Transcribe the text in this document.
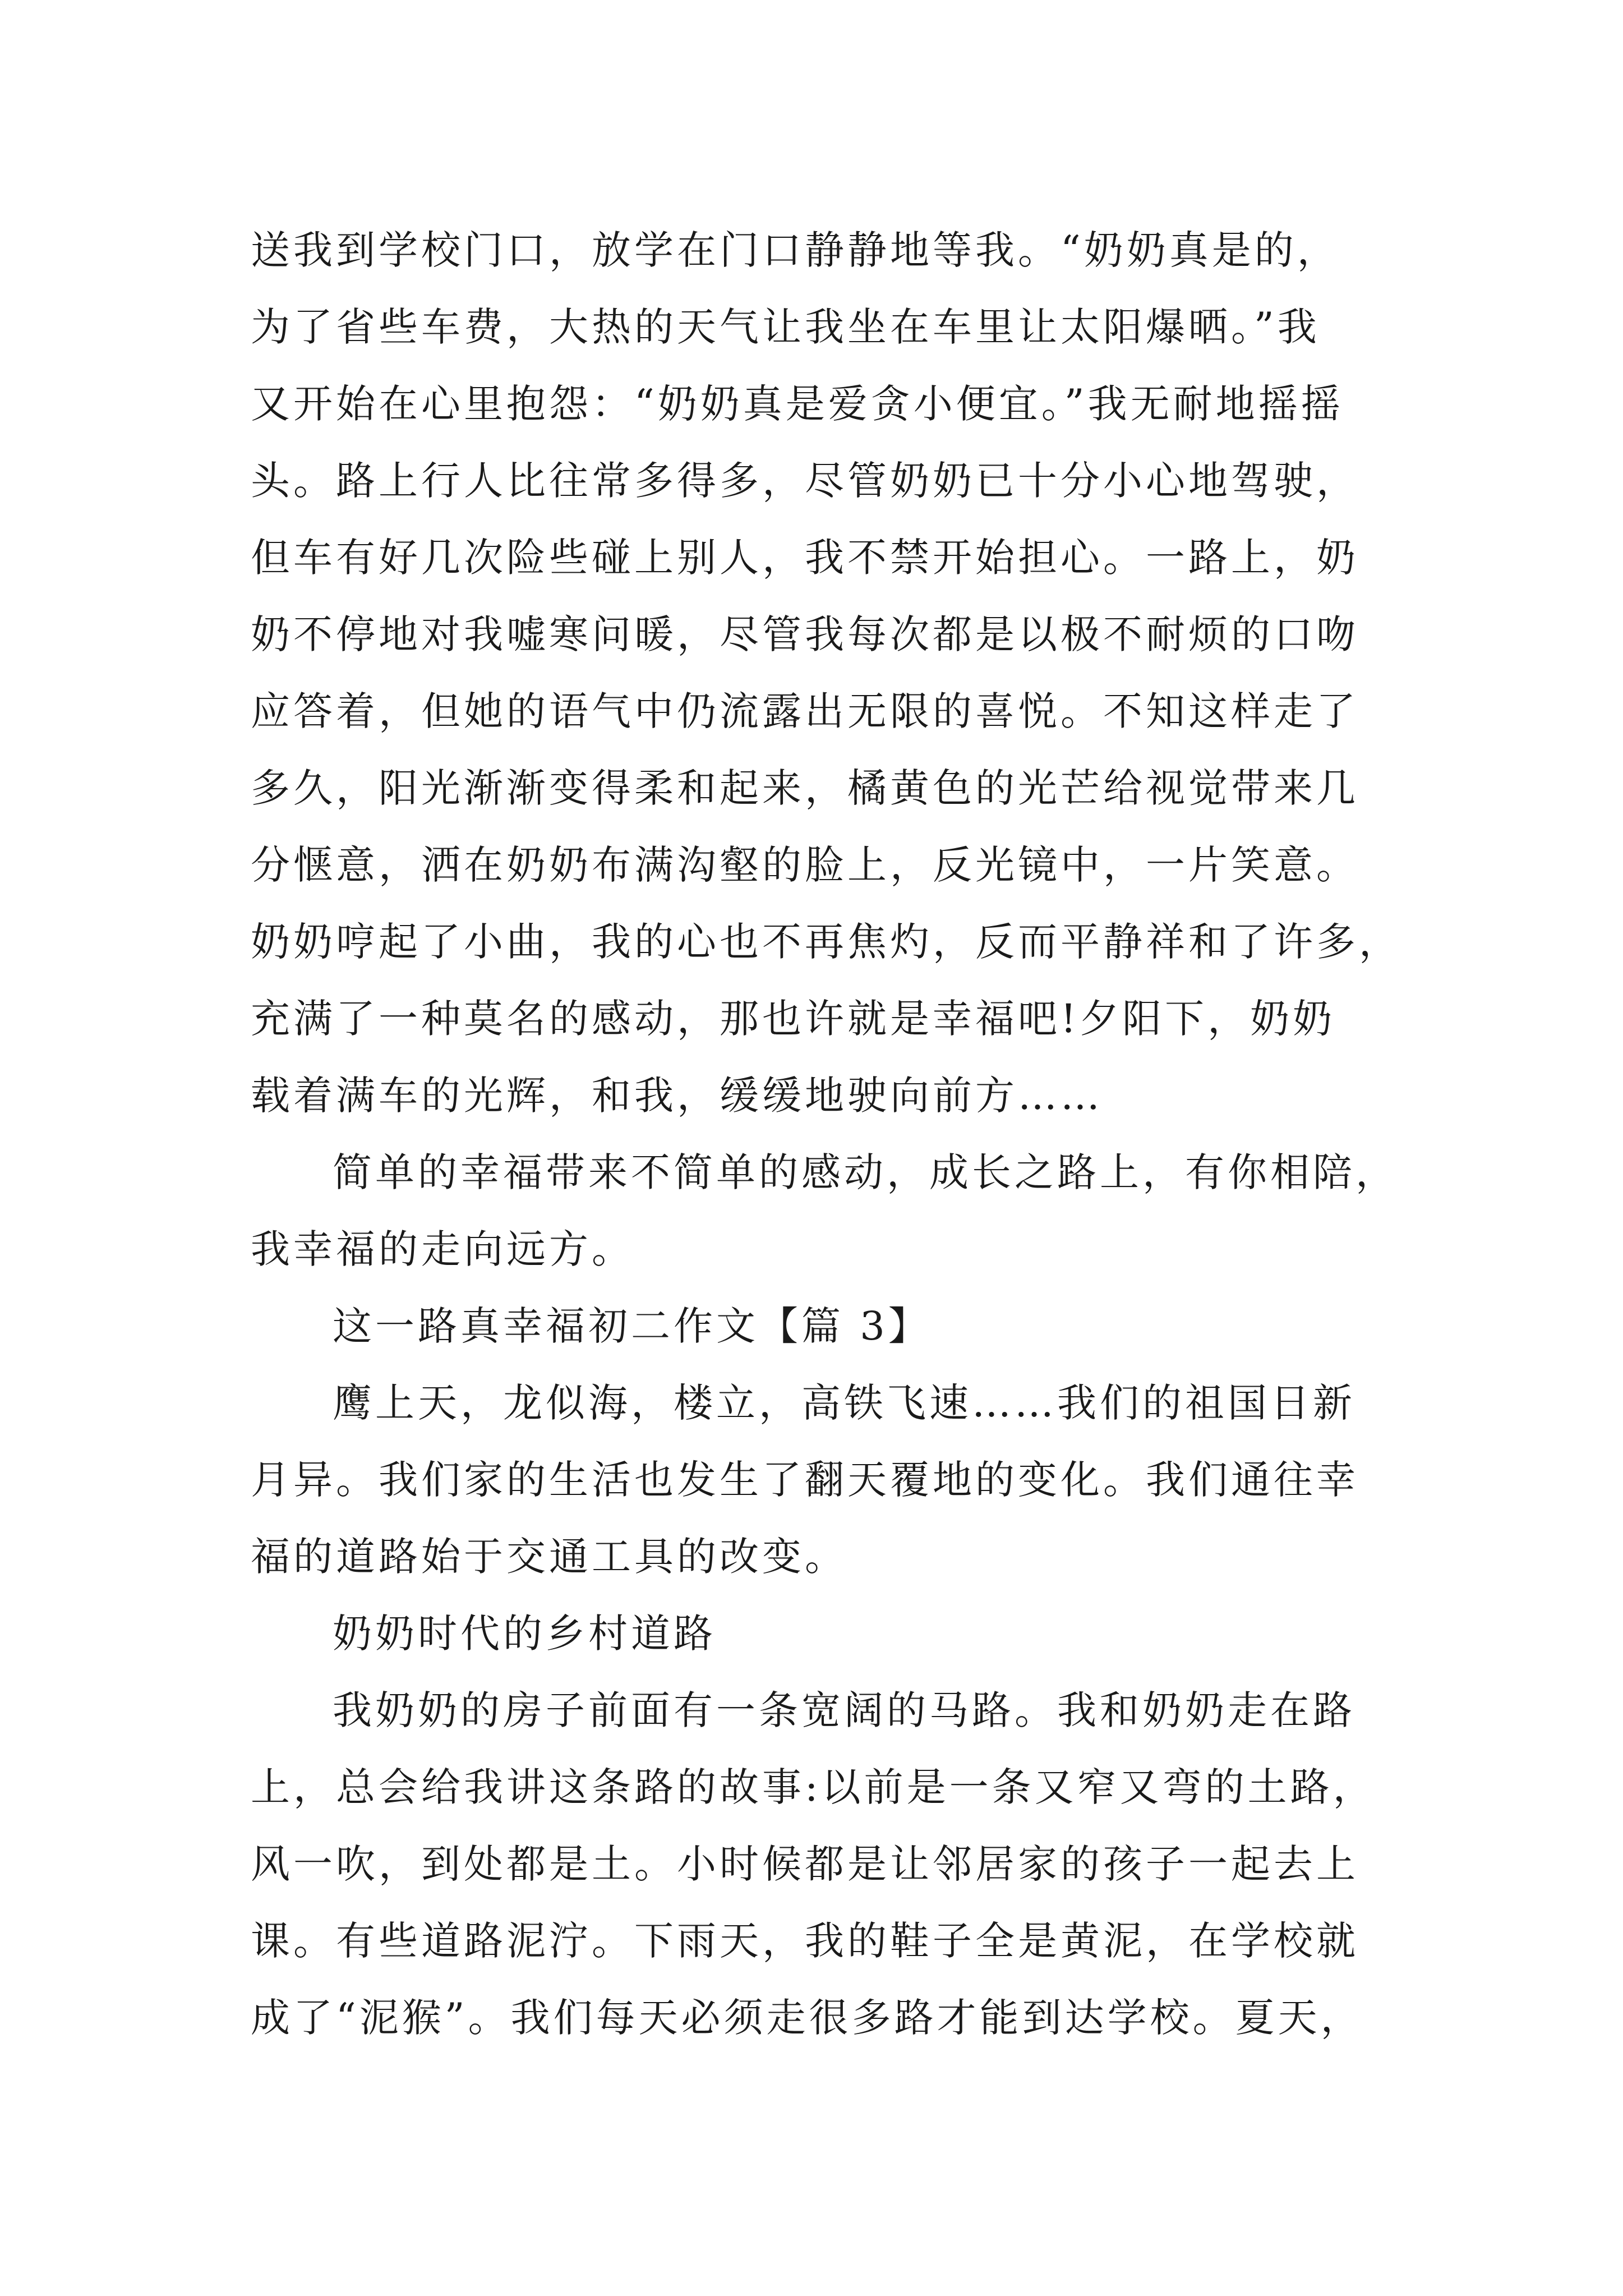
送我到学校门口，放学在门口静静地等我。“奶奶真是的，
为了省些车费，大热的天气让我坐在车里让太阳爆晒。”我
又开始在心里抱怨：“奶奶真是爱贪小便宜。”我无耐地摇摇
头。路上行人比往常多得多，尽管奶奶已十分小心地驾驶，
但车有好几次险些碰上别人，我不禁开始担心。一路上，奶
奶不停地对我嘘寒问暖，尽管我每次都是以极不耐烦的口吻
应答着，但她的语气中仍流露出无限的喜悦。不知这样走了
多久，阳光渐渐变得柔和起来，橘黄色的光芒给视觉带来几
分惬意，洒在奶奶布满沟壑的脸上，反光镜中，一片笑意。
奶奶哼起了小曲，我的心也不再焦灼，反而平静祥和了许多，
充满了一种莫名的感动，那也许就是幸福吧!夕阳下，奶奶
载着满车的光辉，和我，缓缓地驶向前方……
简单的幸福带来不简单的感动，成长之路上，有你相陪，
我幸福的走向远方。
这一路真幸福初二作文【篇 3】
鹰上天，龙似海，楼立，高铁飞速……我们的祖国日新
月异。我们家的生活也发生了翻天覆地的变化。我们通往幸
福的道路始于交通工具的改变。
奶奶时代的乡村道路
我奶奶的房子前面有一条宽阔的马路。我和奶奶走在路
上，总会给我讲这条路的故事:以前是一条又窄又弯的土路，
风一吹，到处都是土。小时候都是让邻居家的孩子一起去上
课。有些道路泥泞。下雨天，我的鞋子全是黄泥，在学校就
成了“泥猴”。我们每天必须走很多路才能到达学校。夏天，
